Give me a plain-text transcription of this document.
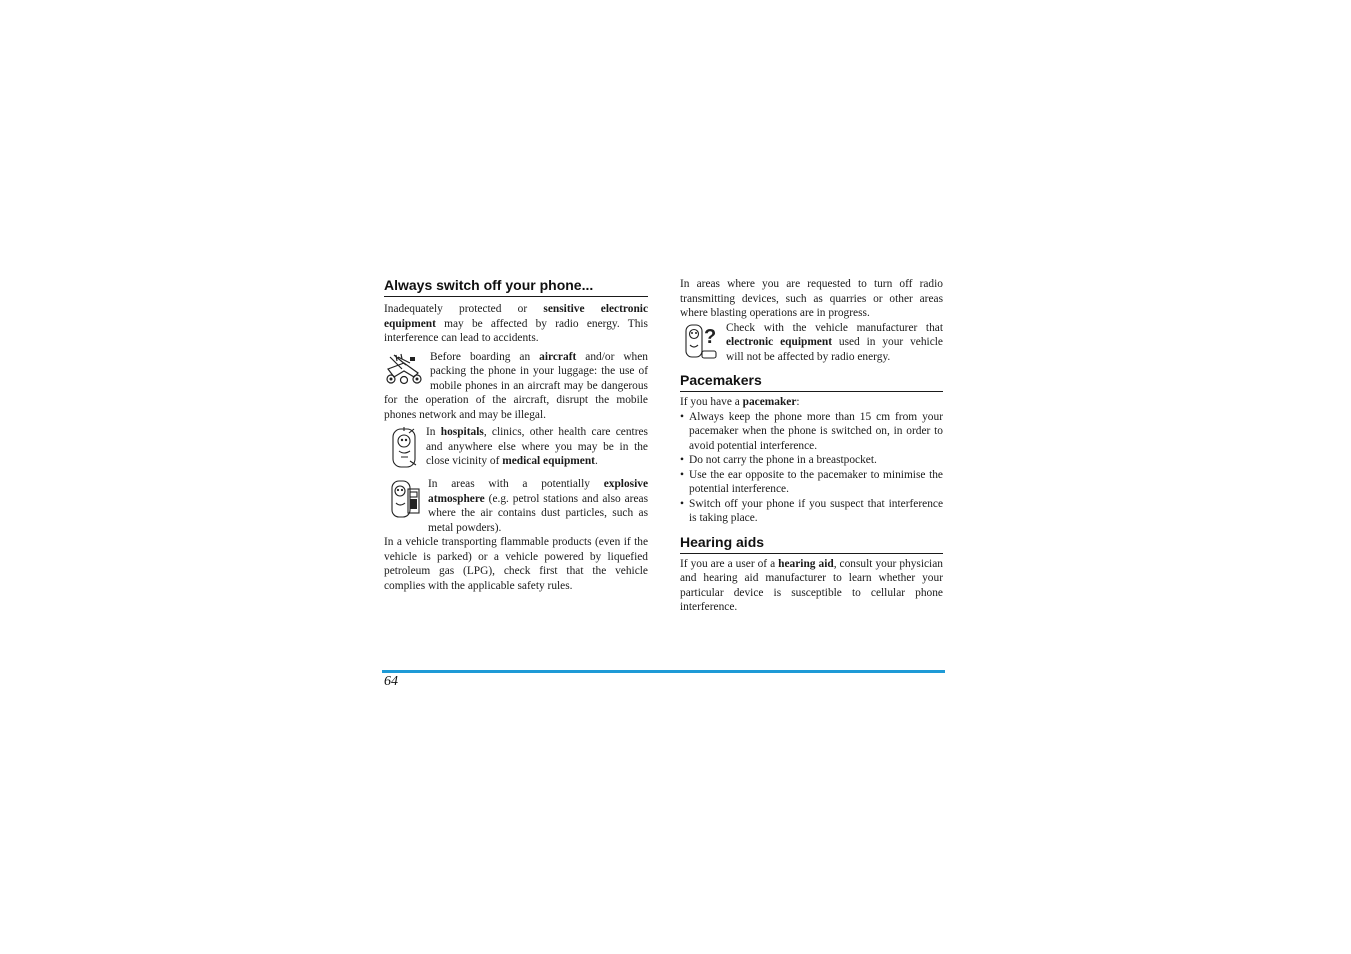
Always switch off your phone...

Inadequately protected or sensitive electronic equipment may be affected by radio energy. This interference can lead to accidents.

Before boarding an aircraft and/or when packing the phone in your luggage: the use of mobile phones in an aircraft may be dangerous for the operation of the aircraft, disrupt the mobile phones network and may be illegal.

In hospitals, clinics, other health care centres and anywhere else where you may be in the close vicinity of medical equipment.

In areas with a potentially explosive atmosphere (e.g. petrol stations and also areas where the air contains dust particles, such as metal powders).

In a vehicle transporting flammable products (even if the vehicle is parked) or a vehicle powered by liquefied petroleum gas (LPG), check first that the vehicle complies with the applicable safety rules.

In areas where you are requested to turn off radio transmitting devices, such as quarries or other areas where blasting operations are in progress.

? Check with the vehicle manufacturer that electronic equipment used in your vehicle will not be affected by radio energy.

Pacemakers

If you have a pacemaker:

• Always keep the phone more than 15 cm from your pacemaker when the phone is switched on, in order to avoid potential interference.
• Do not carry the phone in a breastpocket.
• Use the ear opposite to the pacemaker to minimise the potential interference.
• Switch off your phone if you suspect that interference is taking place.
Hearing aids

If you are a user of a hearing aid, consult your physician and hearing aid manufacturer to learn whether your particular device is susceptible to cellular phone interference.

64
